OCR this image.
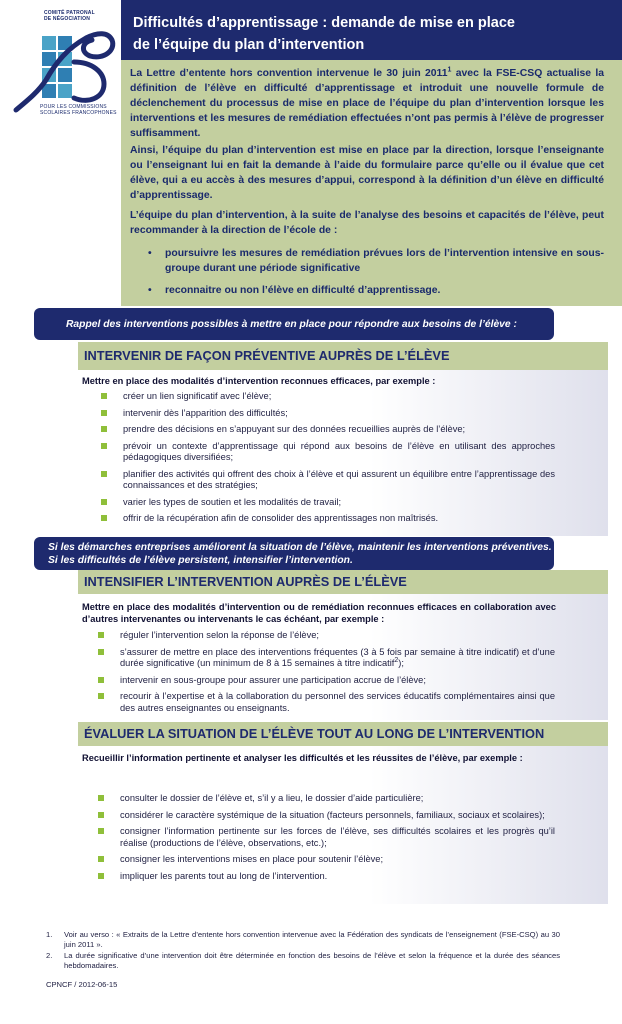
COMITÉ PATRONAL
DE NÉGOCIATION
POUR LES COMMISSIONS
SCOLAIRES FRANCOPHONES
Difficultés d’apprentissage : demande de mise en place
de l’équipe du plan d’intervention

La Lettre d’entente hors convention intervenue le 30 juin 2011$^1$ avec la FSE-CSQ actualise la définition de l’élève en difficulté d’apprentissage et introduit une nouvelle formule de déclenchement du processus de mise en place de l’équipe du plan d’intervention lorsque les interventions et les mesures de remédiation effectuées n’ont pas permis à l’élève de progresser suffisamment.

Ainsi, l’équipe du plan d’intervention est mise en place par la direction, lorsque l’enseignante ou l’enseignant lui en fait la demande à l’aide du formulaire parce qu’elle ou il évalue que cet élève, qui a eu accès à des mesures d’appui, correspond à la définition d’un élève en difficulté d’apprentissage.

L’équipe du plan d’intervention, à la suite de l’analyse des besoins et capacités de l’élève, peut recommander à la direction de l’école de :

• poursuivre les mesures de remédiation prévues lors de l’intervention intensive en sous-groupe durant une période significative
• reconnaitre ou non l’élève en difficulté d’apprentissage.
Rappel des interventions possibles à mettre en place pour répondre aux besoins de l’élève :
INTERVENIR DE FAÇON PRÉVENTIVE AUPRÈS DE L’ÉLÈVE
Mettre en place des modalités d’intervention reconnues efficaces, par exemple :
créer un lien significatif avec l’élève;
intervenir dès l’apparition des difficultés;
prendre des décisions en s’appuyant sur des données recueillies auprès de l’élève;
prévoir un contexte d’apprentissage qui répond aux besoins de l’élève en utilisant des approches pédagogiques diversifiées;
planifier des activités qui offrent des choix à l’élève et qui assurent un équilibre entre l’apprentissage des connaissances et des stratégies;
varier les types de soutien et les modalités de travail;
offrir de la récupération afin de consolider des apprentissages non maîtrisés.
Si les démarches entreprises améliorent la situation de l’élève, maintenir les interventions préventives.
Si les difficultés de l’élève persistent, intensifier l’intervention.
INTENSIFIER L’INTERVENTION AUPRÈS DE L’ÉLÈVE
Mettre en place des modalités d’intervention ou de remédiation reconnues efficaces en collaboration avec d’autres intervenantes ou intervenants le cas échéant, par exemple :
réguler l’intervention selon la réponse de l’élève;
s’assurer de mettre en place des interventions fréquentes (3 à 5 fois par semaine à titre indicatif) et d’une durée significative (un minimum de 8 à 15 semaines à titre indicatif$^2$);
intervenir en sous-groupe pour assurer une participation accrue de l’élève;
recourir à l’expertise et à la collaboration du personnel des services éducatifs complémentaires ainsi que des autres enseignantes ou enseignants.
ÉVALUER LA SITUATION DE L’ÉLÈVE TOUT AU LONG DE L’INTERVENTION
Recueillir l’information pertinente et analyser les difficultés et les réussites de l’élève, par exemple :
consulter le dossier de l’élève et, s’il y a lieu, le dossier d’aide particulière;
considérer le caractère systémique de la situation (facteurs personnels, familiaux, sociaux et scolaires);
consigner l’information pertinente sur les forces de l’élève, ses difficultés scolaires et les progrès qu’il réalise (productions de l’élève, observations, etc.);
consigner les interventions mises en place pour soutenir l’élève;
impliquer les parents tout au long de l’intervention.
1. Voir au verso : « Extraits de la Lettre d’entente hors convention intervenue avec la Fédération des syndicats de l’enseignement (FSE-CSQ) au 30 juin 2011 ».
2. La durée significative d’une intervention doit être déterminée en fonction des besoins de l’élève et selon la fréquence et la durée des séances hebdomadaires.
CPNCF / 2012-06-15
